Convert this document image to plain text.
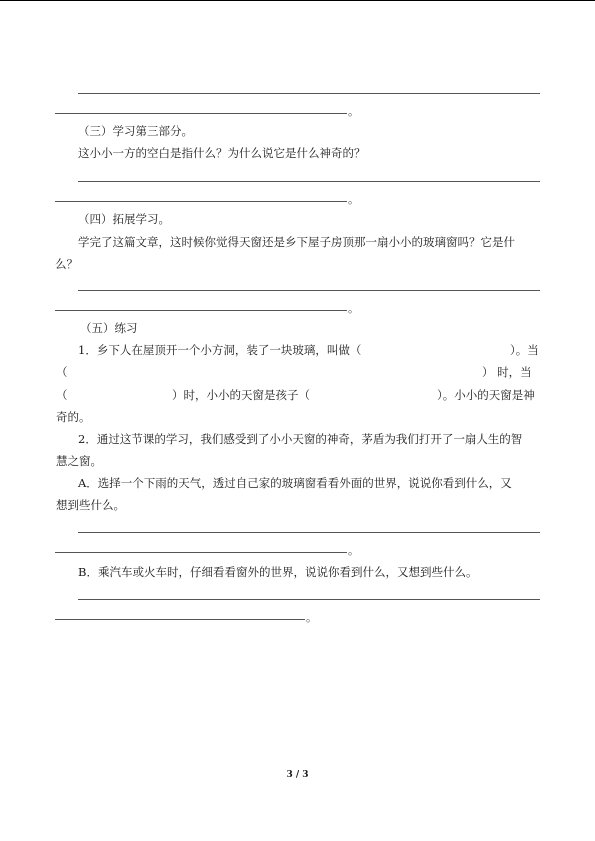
。
（三）学习第三部分。
这小小一方的空白是指什么？为什么说它是什么神奇的？
。
（四）拓展学习。
学完了这篇文章，这时候你觉得天窗还是乡下屋子房顶那一扇小小的玻璃窗吗？它是什
么？
。
（五）练习
1．乡下人在屋顶开一个小方洞，装了一块玻璃，叫做（	）。当
（	） 时，当
（	）时，小小的天窗是孩子（	）。小小的天窗是神
奇的。
2．通过这节课的学习，我们感受到了小小天窗的神奇，茅盾为我们打开了一扇人生的智
慧之窗。
A．选择一个下雨的天气，透过自己家的玻璃窗看看外面的世界，说说你看到什么，又
想到些什么。
。
B．乘汽车或火车时，仔细看看窗外的世界，说说你看到什么，又想到些什么。
。
3 / 3
